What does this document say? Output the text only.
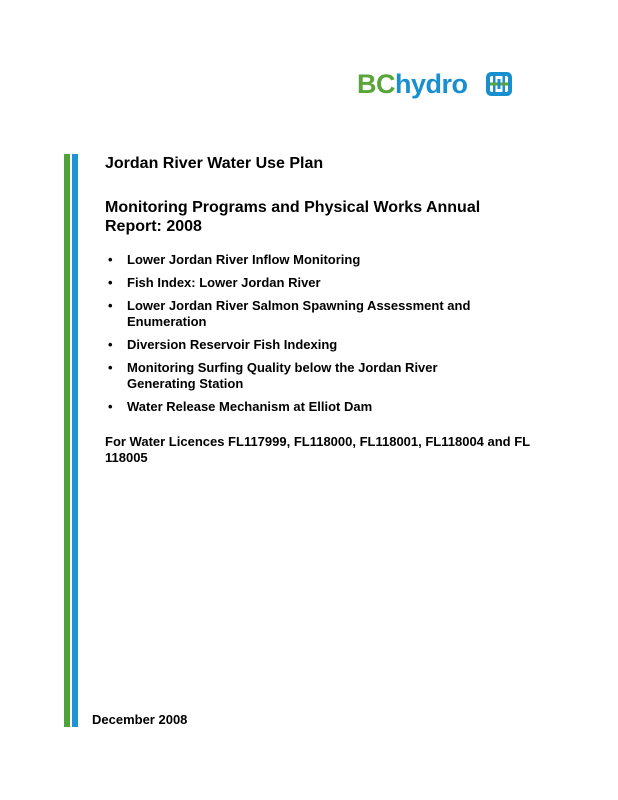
BChydro
Jordan River Water Use Plan
Monitoring Programs and Physical Works Annual Report: 2008
• Lower Jordan River Inflow Monitoring
• Fish Index: Lower Jordan River
• Lower Jordan River Salmon Spawning Assessment and Enumeration
• Diversion Reservoir Fish Indexing
• Monitoring Surfing Quality below the Jordan River Generating Station
• Water Release Mechanism at Elliot Dam
For Water Licences FL117999, FL118000, FL118001, FL118004 and FL 118005
December 2008
